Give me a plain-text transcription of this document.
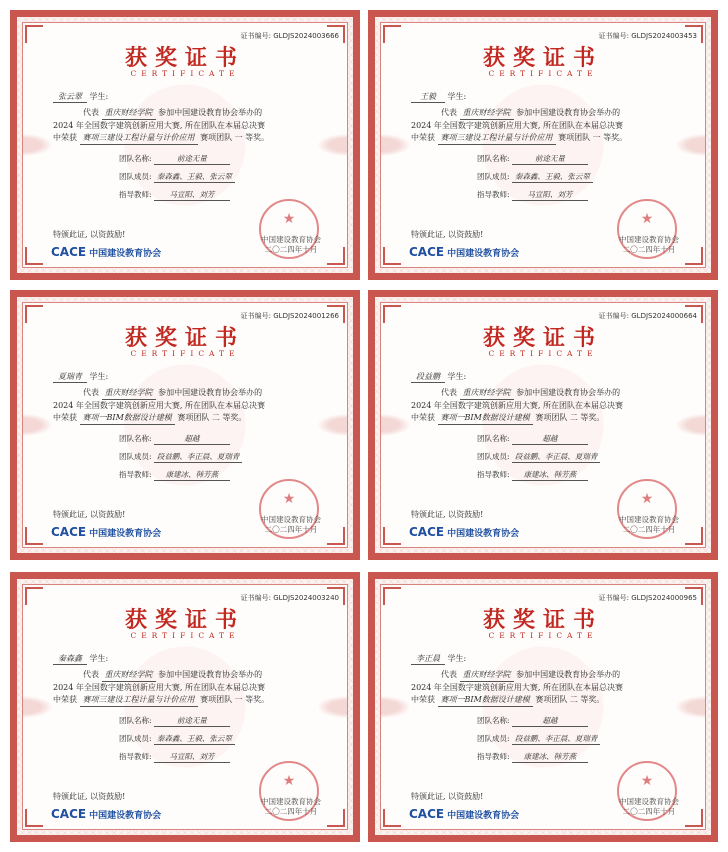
证书编号: GLDJS2024003666
获奖证书
CERTIFICATE
张云翠 学生:
代表 重庆财经学院 参加中国建设教育协会举办的
2024 年全国数字建筑创新应用大赛, 所在团队在本届总决赛
中荣获 赛项三建设工程计量与计价应用 赛项团队 一 等奖。
团队名称:	前途无量
团队成员: 秦森鑫、王毅、张云翠
指导教师: 马宣阳、刘芳
特颁此证, 以资鼓励!
CACE 中国建设教育协会
★
中国建设教育协会
二〇二四年十月
证书编号: GLDJS2024003453
获奖证书
CERTIFICATE
王毅 学生:
代表 重庆财经学院 参加中国建设教育协会举办的
2024 年全国数字建筑创新应用大赛, 所在团队在本届总决赛
中荣获 赛项三建设工程计量与计价应用 赛项团队 一 等奖。
团队名称:	前途无量
团队成员: 秦森鑫、王毅、张云翠
指导教师: 马宣阳、刘芳
特颁此证, 以资鼓励!
CACE 中国建设教育协会
★
中国建设教育协会
二〇二四年十月
证书编号: GLDJS2024001266
获奖证书
CERTIFICATE
夏瑞青 学生:
代表 重庆财经学院 参加中国建设教育协会举办的
2024 年全国数字建筑创新应用大赛, 所在团队在本届总决赛
中荣获 赛项一BIM数据设计建模 赛项团队 二 等奖。
团队名称:	超越
团队成员: 段益鹏、李正晨、夏瑞青
指导教师: 康建冰、韩芳燕
特颁此证, 以资鼓励!
CACE 中国建设教育协会
★
中国建设教育协会
二〇二四年十月
证书编号: GLDJS2024000664
获奖证书
CERTIFICATE
段益鹏 学生:
代表 重庆财经学院 参加中国建设教育协会举办的
2024 年全国数字建筑创新应用大赛, 所在团队在本届总决赛
中荣获 赛项一BIM数据设计建模 赛项团队 二 等奖。
团队名称:	超越
团队成员: 段益鹏、李正晨、夏瑞青
指导教师: 康建冰、韩芳燕
特颁此证, 以资鼓励!
CACE 中国建设教育协会
★
中国建设教育协会
二〇二四年十月
证书编号: GLDJS2024003240
获奖证书
CERTIFICATE
秦森鑫 学生:
代表 重庆财经学院 参加中国建设教育协会举办的
2024 年全国数字建筑创新应用大赛, 所在团队在本届总决赛
中荣获 赛项三建设工程计量与计价应用 赛项团队 一 等奖。
团队名称:	前途无量
团队成员: 秦森鑫、王毅、张云翠
指导教师: 马宣阳、刘芳
特颁此证, 以资鼓励!
CACE 中国建设教育协会
★
中国建设教育协会
二〇二四年十月
证书编号: GLDJS2024000965
获奖证书
CERTIFICATE
李正晨 学生:
代表 重庆财经学院 参加中国建设教育协会举办的
2024 年全国数字建筑创新应用大赛, 所在团队在本届总决赛
中荣获 赛项一BIM数据设计建模 赛项团队 二 等奖。
团队名称:	超越
团队成员: 段益鹏、李正晨、夏瑞青
指导教师: 康建冰、韩芳燕
特颁此证, 以资鼓励!
CACE 中国建设教育协会
★
中国建设教育协会
二〇二四年十月
